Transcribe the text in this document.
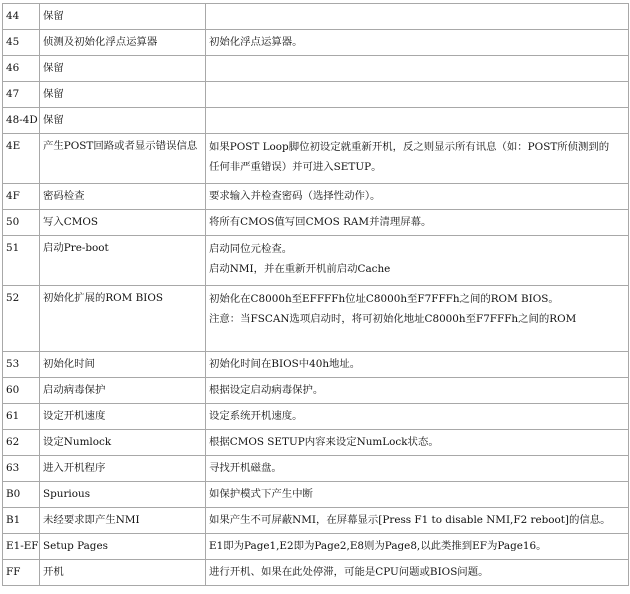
44	保留	
45	侦测及初始化浮点运算器	初始化浮点运算器。
46	保留	
47	保留	
48-4D	保留	
4E	产生POST回路或者显示错误信息	如果POST Loop脚位初设定就重新开机，反之则显示所有讯息（如：POST所侦测到的
任何非严重错误）并可进入SETUP。

4F	密码检查	要求输入并检查密码（选择性动作）。
50	写入CMOS	将所有CMOS值写回CMOS RAM并清理屏幕。
51	启动Pre-boot	启动同位元检查。
启动NMI，并在重新开机前启动Cache

52	初始化扩展的ROM BIOS	初始化在C8000h至EFFFFh位址C8000h至F7FFFh之间的ROM BIOS。
注意：当FSCAN选项启动时，将可初始化地址C8000h至F7FFFh之间的ROM

53	初始化时间	初始化时间在BIOS中40h地址。
60	启动病毒保护	根据设定启动病毒保护。
61	设定开机速度	设定系统开机速度。
62	设定Numlock	根据CMOS SETUP内容来设定NumLock状态。
63	进入开机程序	寻找开机磁盘。
B0	Spurious	如保护模式下产生中断
B1	未经要求即产生NMI	如果产生不可屏蔽NMI，在屏幕显示[Press F1 to disable NMI,F2 reboot]的信息。
E1-EF	Setup Pages	E1即为Page1,E2即为Page2,E8则为Page8,以此类推到EF为Page16。
FF	开机	进行开机、如果在此处停滞，可能是CPU问题或BIOS问题。
